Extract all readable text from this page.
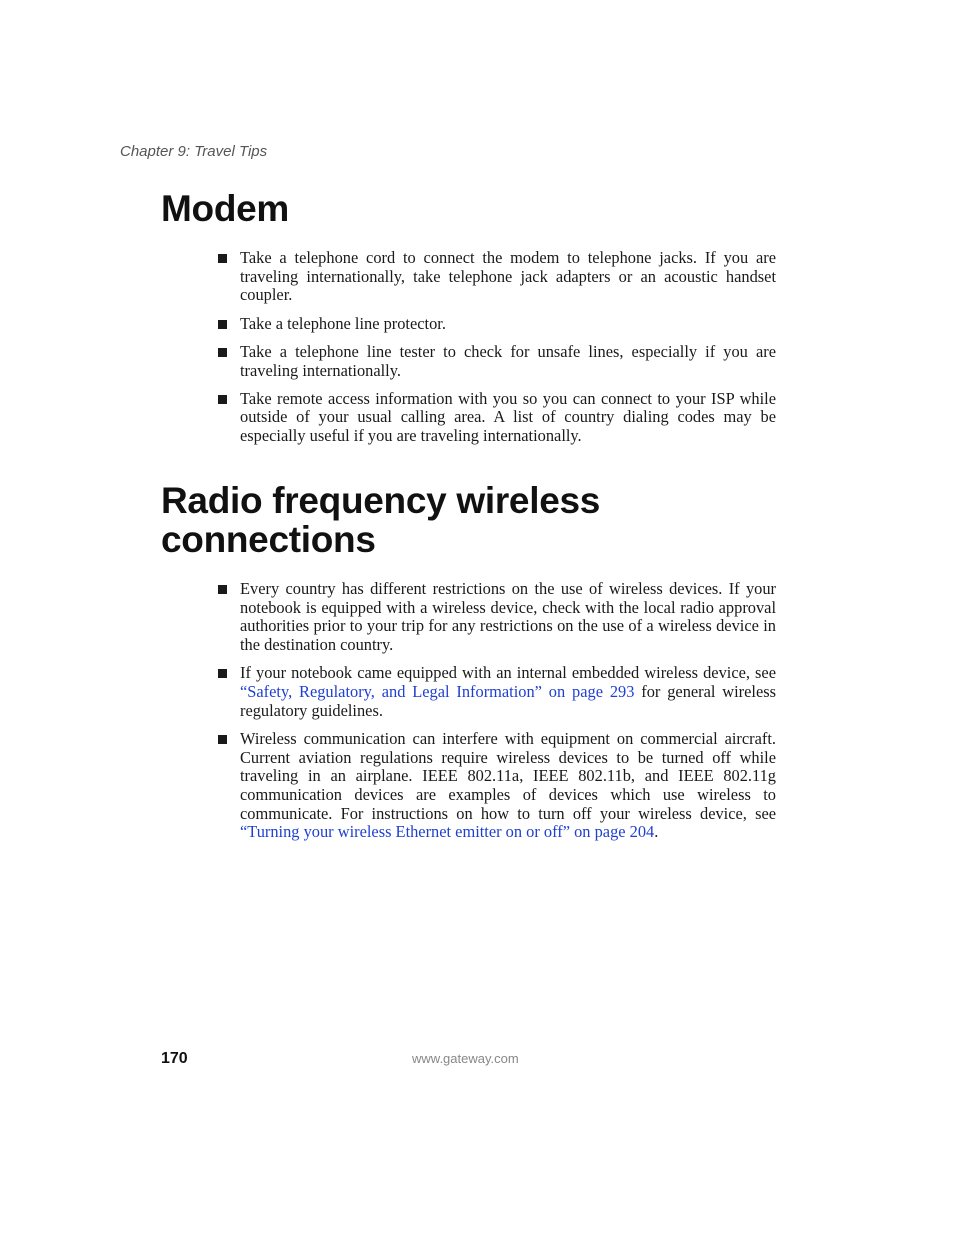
Chapter 9: Travel Tips
Modem
Take a telephone cord to connect the modem to telephone jacks. If you are traveling internationally, take telephone jack adapters or an acoustic handset coupler.
Take a telephone line protector.
Take a telephone line tester to check for unsafe lines, especially if you are traveling internationally.
Take remote access information with you so you can connect to your ISP while outside of your usual calling area. A list of country dialing codes may be especially useful if you are traveling internationally.
Radio frequency wireless connections
Every country has different restrictions on the use of wireless devices. If your notebook is equipped with a wireless device, check with the local radio approval authorities prior to your trip for any restrictions on the use of a wireless device in the destination country.
If your notebook came equipped with an internal embedded wireless device, see “Safety, Regulatory, and Legal Information” on page 293 for general wireless regulatory guidelines.
Wireless communication can interfere with equipment on commercial aircraft. Current aviation regulations require wireless devices to be turned off while traveling in an airplane. IEEE 802.11a, IEEE 802.11b, and IEEE 802.11g communication devices are examples of devices which use wireless to communicate. For instructions on how to turn off your wireless device, see “Turning your wireless Ethernet emitter on or off” on page 204.
170	www.gateway.com
